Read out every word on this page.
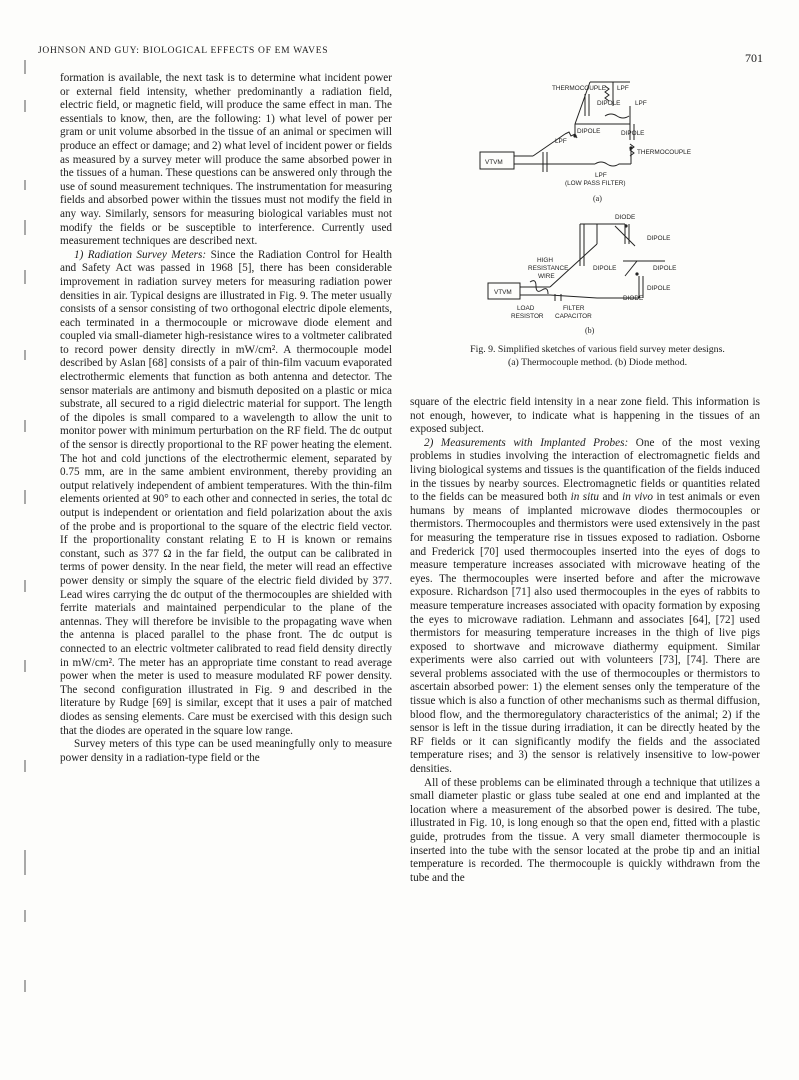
JOHNSON AND GUY: BIOLOGICAL EFFECTS OF EM WAVES	701

formation is available, the next task is to determine what incident power or external field intensity, whether predominantly a radiation field, electric field, or magnetic field, will produce the same effect in man. The essentials to know, then, are the following: 1) what level of power per gram or unit volume absorbed in the tissue of an animal or specimen will produce an effect or damage; and 2) what level of incident power or fields as measured by a survey meter will produce the same absorbed power in the tissues of a human. These questions can be answered only through the use of sound measurement techniques. The instrumentation for measuring fields and absorbed power within the tissues must not modify the field in any way. Similarly, sensors for measuring biological variables must not modify the fields or be susceptible to interference. Currently used measurement techniques are described next.

1) Radiation Survey Meters: Since the Radiation Control for Health and Safety Act was passed in 1968 [5], there has been considerable improvement in radiation survey meters for measuring radiation power densities in air. Typical designs are illustrated in Fig. 9. The meter usually consists of a sensor consisting of two orthogonal electric dipole elements, each terminated in a thermocouple or microwave diode element and coupled via small-diameter high-resistance wires to a voltmeter calibrated to record power density directly in mW/cm². A thermocouple model described by Aslan [68] consists of a pair of thin-film vacuum evaporated electrothermic elements that function as both antenna and detector. The sensor materials are antimony and bismuth deposited on a plastic or mica substrate, all secured to a rigid dielectric material for support. The length of the dipoles is small compared to a wavelength to allow the unit to monitor power with minimum perturbation on the RF field. The dc output of the sensor is directly proportional to the RF power heating the element. The hot and cold junctions of the electrothermic element, separated by 0.75 mm, are in the same ambient environment, thereby providing an output relatively independent of ambient temperatures. With the thin-film elements oriented at 90° to each other and connected in series, the total dc output is independent or orientation and field polarization about the axis of the probe and is proportional to the square of the electric field vector. If the proportionality constant relating E to H is known or remains constant, such as 377 Ω in the far field, the output can be calibrated in terms of power density. In the near field, the meter will read an effective power density or simply the square of the electric field divided by 377. Lead wires carrying the dc output of the thermocouples are shielded with ferrite materials and maintained perpendicular to the plane of the antennas. They will therefore be invisible to the propagating wave when the antenna is placed parallel to the phase front. The dc output is connected to an electric voltmeter calibrated to read field density directly in mW/cm². The meter has an appropriate time constant to read average power when the meter is used to measure modulated RF power density. The second configuration illustrated in Fig. 9 and described in the literature by Rudge [69] is similar, except that it uses a pair of matched diodes as sensing elements. Care must be exercised with this design such that the diodes are operated in the square low range.

Survey meters of this type can be used meaningfully only to measure power density in a radiation-type field or the

THERMOCOUPLE LPF
DIPOLE LPF
DIPOLE	DIPOLE
LPF
THERMOCOUPLE
VTVM
LPF
(LOW PASS FILTER)
(a)
DIODE
DIPOLE
HIGH
RESISTANCE
WIRE
DIPOLE	DIPOLE
VTVM
DIODE
DIPOLE
LOAD
RESISTOR
FILTER
CAPACITOR
(b)
Fig. 9. Simplified sketches of various field survey meter designs.
(a) Thermocouple method. (b) Diode method.

square of the electric field intensity in a near zone field. This information is not enough, however, to indicate what is happening in the tissues of an exposed subject.

2) Measurements with Implanted Probes: One of the most vexing problems in studies involving the interaction of electromagnetic fields and living biological systems and tissues is the quantification of the fields induced in the tissues by nearby sources. Electromagnetic fields or quantities related to the fields can be measured both in situ and in vivo in test animals or even humans by means of implanted microwave diodes thermocouples or thermistors. Thermocouples and thermistors were used extensively in the past for measuring the temperature rise in tissues exposed to radiation. Osborne and Frederick [70] used thermocouples inserted into the eyes of dogs to measure temperature increases associated with microwave heating of the eyes. The thermocouples were inserted before and after the microwave exposure. Richardson [71] also used thermocouples in the eyes of rabbits to measure temperature increases associated with opacity formation by exposing the eyes to microwave radiation. Lehmann and associates [64], [72] used thermistors for measuring temperature increases in the thigh of live pigs exposed to shortwave and microwave diathermy equipment. Similar experiments were also carried out with volunteers [73], [74]. There are several problems associated with the use of thermocouples or thermistors to ascertain absorbed power: 1) the element senses only the temperature of the tissue which is also a function of other mechanisms such as thermal diffusion, blood flow, and the thermoregulatory characteristics of the animal; 2) if the sensor is left in the tissue during irradiation, it can be directly heated by the RF fields or it can significantly modify the fields and the associated temperature rises; and 3) the sensor is relatively insensitive to low-power densities.

All of these problems can be eliminated through a technique that utilizes a small diameter plastic or glass tube sealed at one end and implanted at the location where a measurement of the absorbed power is desired. The tube, illustrated in Fig. 10, is long enough so that the open end, fitted with a plastic guide, protrudes from the tissue. A very small diameter thermocouple is inserted into the tube with the sensor located at the probe tip and an initial temperature is recorded. The thermocouple is quickly withdrawn from the tube and the
